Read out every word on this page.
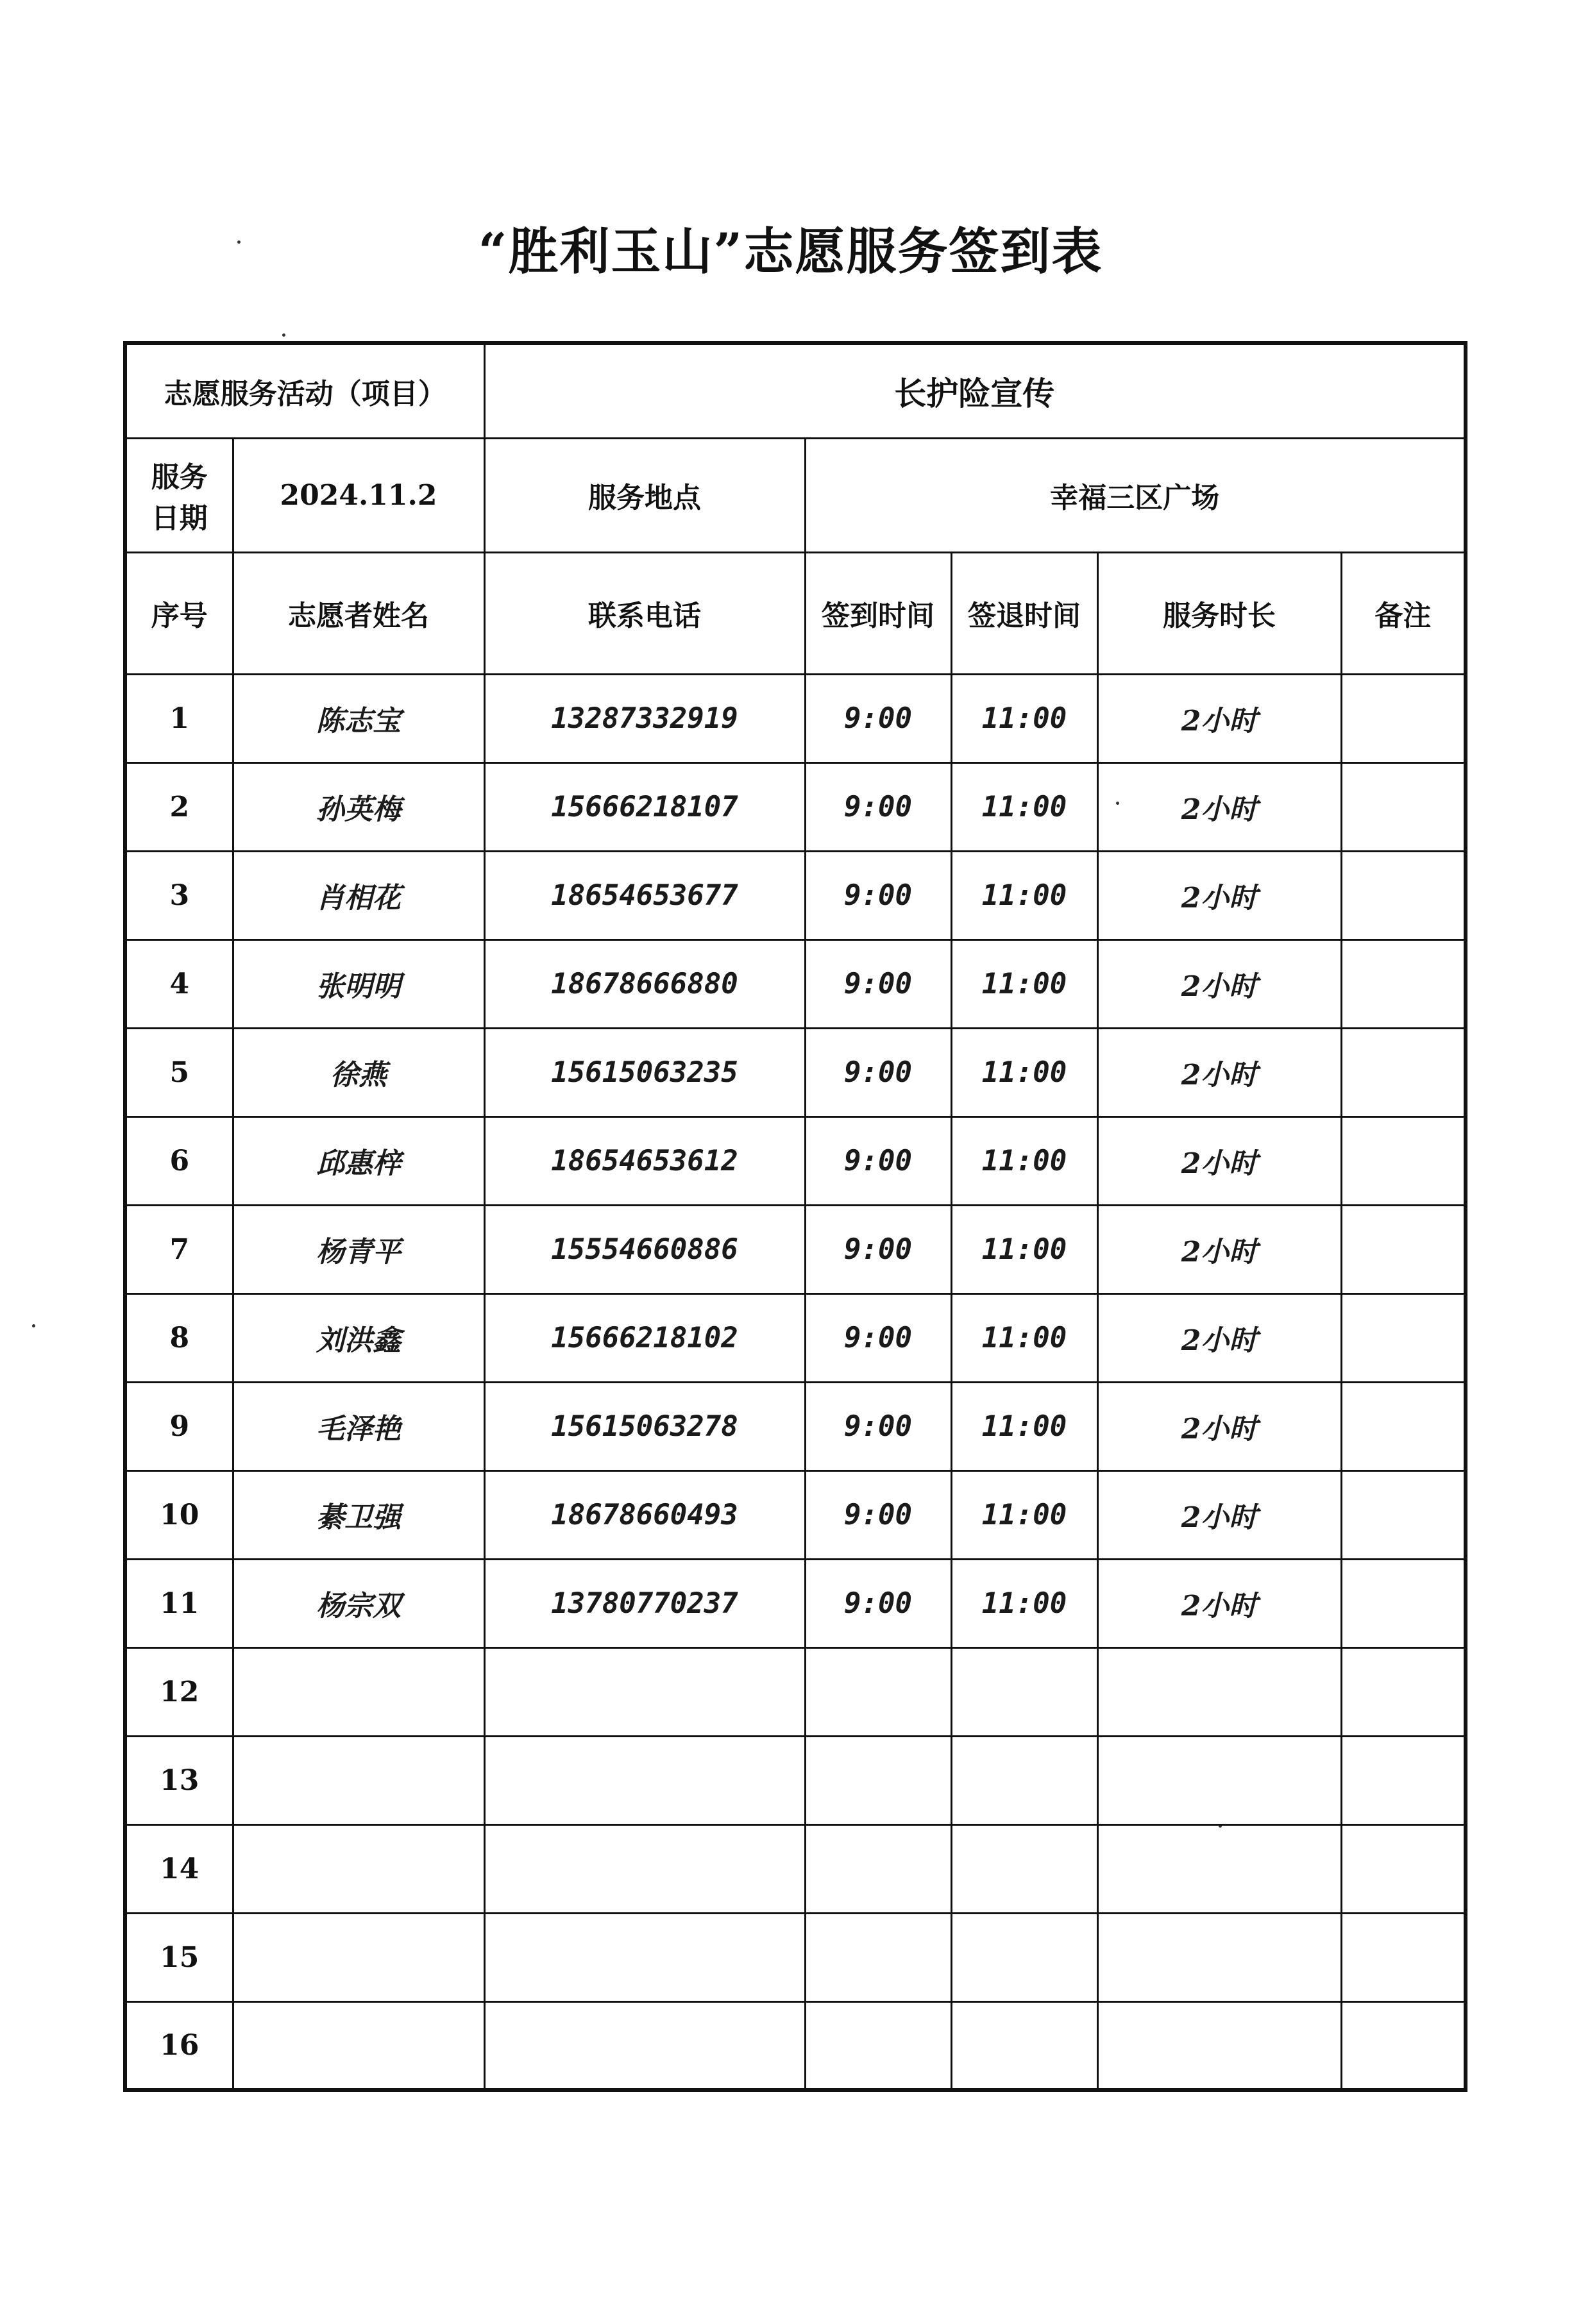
“胜利玉山”志愿服务签到表
志愿服务活动（项目）		长护险宣传				

服务
日期	2024.11.2	服务地点	幸福三区广场			
序号	志愿者姓名	联系电话	签到时间	签退时间	服务时长	备注
1	陈志宝	13287332919	9:00	11:00	2小时	
2	孙英梅	15666218107	9:00	11:00	2小时	
3	肖相花	18654653677	9:00	11:00	2小时	
4	张明明	18678666880	9:00	11:00	2小时	
5	徐燕	15615063235	9:00	11:00	2小时	
6	邱惠梓	18654653612	9:00	11:00	2小时	
7	杨青平	15554660886	9:00	11:00	2小时	
8	刘洪鑫	15666218102	9:00	11:00	2小时	
9	毛泽艳	15615063278	9:00	11:00	2小时	
10	綦卫强	18678660493	9:00	11:00	2小时	
11	杨宗双	13780770237	9:00	11:00	2小时	
12						
13						
14						
15						
16						
